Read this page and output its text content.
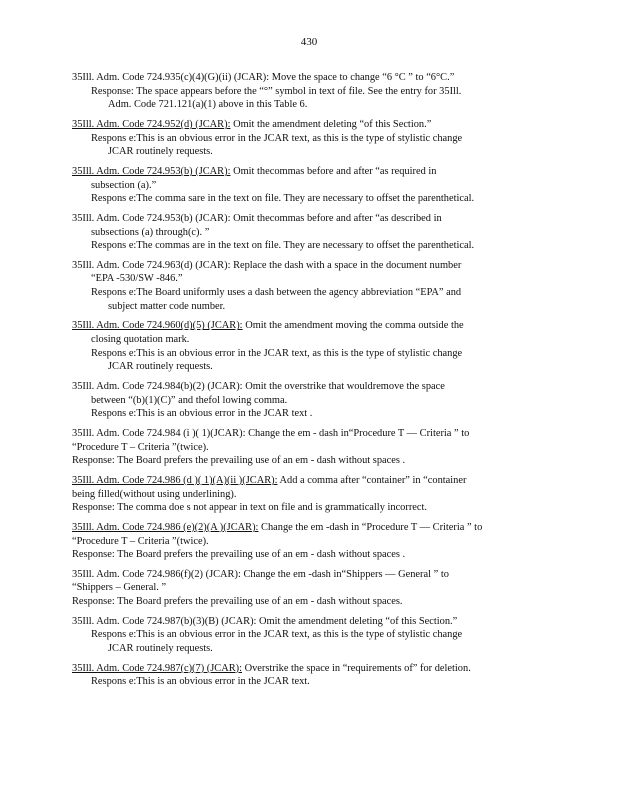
430
35Ill. Adm. Code 724.935(c)(4)(G)(ii) (JCAR): Move the space to change “6 °C ” to “6°C.”
Response: The space appears before the “°” symbol in text of file. See the entry for 35Ill.
Adm. Code 721.121(a)(1) above in this Table 6.
35Ill. Adm. Code 724.952(d) (JCAR): Omit the amendment deleting “of this Section.”
Respons e:This is an obvious error in the JCAR text, as this is the type of stylistic change
JCAR routinely requests.
35Ill. Adm. Code 724.953(b) (JCAR): Omit thecommas before and after “as required in
subsection (a).”
Respons e:The comma sare in the text on file. They are necessary to offset the parenthetical.
35Ill. Adm. Code 724.953(b) (JCAR): Omit thecommas before and after “as described in
subsections (a) through(c). ”
Respons e:The commas are in the text on file. They are necessary to offset the parenthetical.
35Ill. Adm. Code 724.963(d) (JCAR): Replace the dash with a space in the document number
“EPA -530/SW -846.”
Respons e:The Board uniformly uses a dash between the agency abbreviation “EPA” and
subject matter code number.
35Ill. Adm. Code 724.960(d)(5) (JCAR): Omit the amendment moving the comma outside the
closing quotation mark.
Respons e:This is an obvious error in the JCAR text, as this is the type of stylistic change
JCAR routinely requests.
35Ill. Adm. Code 724.984(b)(2) (JCAR): Omit the overstrike that wouldremove the space
between “(b)(1)(C)” and thefol lowing comma.
Respons e:This is an obvious error in the JCAR text .
35Ill. Adm. Code 724.984 (i )( 1)(JCAR): Change the em - dash in“Procedure T — Criteria ” to
“Procedure T – Criteria ”(twice).
Response: The Board prefers the prevailing use of an em - dash without spaces .
35Ill. Adm. Code 724.986 (d )( 1)(A)(ii )(JCAR): Add a comma after “container” in “container
being filled(without using underlining).
Response: The comma doe s not appear in text on file and is grammatically incorrect.
35Ill. Adm. Code 724.986 (e)(2)(A )(JCAR): Change the em -dash in “Procedure T — Criteria ” to
“Procedure T – Criteria ”(twice).
Response: The Board prefers the prevailing use of an em - dash without spaces .
35Ill. Adm. Code 724.986(f)(2) (JCAR): Change the em -dash in“Shippers — General ” to
“Shippers – General. ”
Response: The Board prefers the prevailing use of an em - dash without spaces.
35Ill. Adm. Code 724.987(b)(3)(B) (JCAR): Omit the amendment deleting “of this Section.”
Respons e:This is an obvious error in the JCAR text, as this is the type of stylistic change
JCAR routinely requests.
35Ill. Adm. Code 724.987(c)(7) (JCAR): Overstrike the space in “requirements of” for deletion.
Respons e:This is an obvious error in the JCAR text.
